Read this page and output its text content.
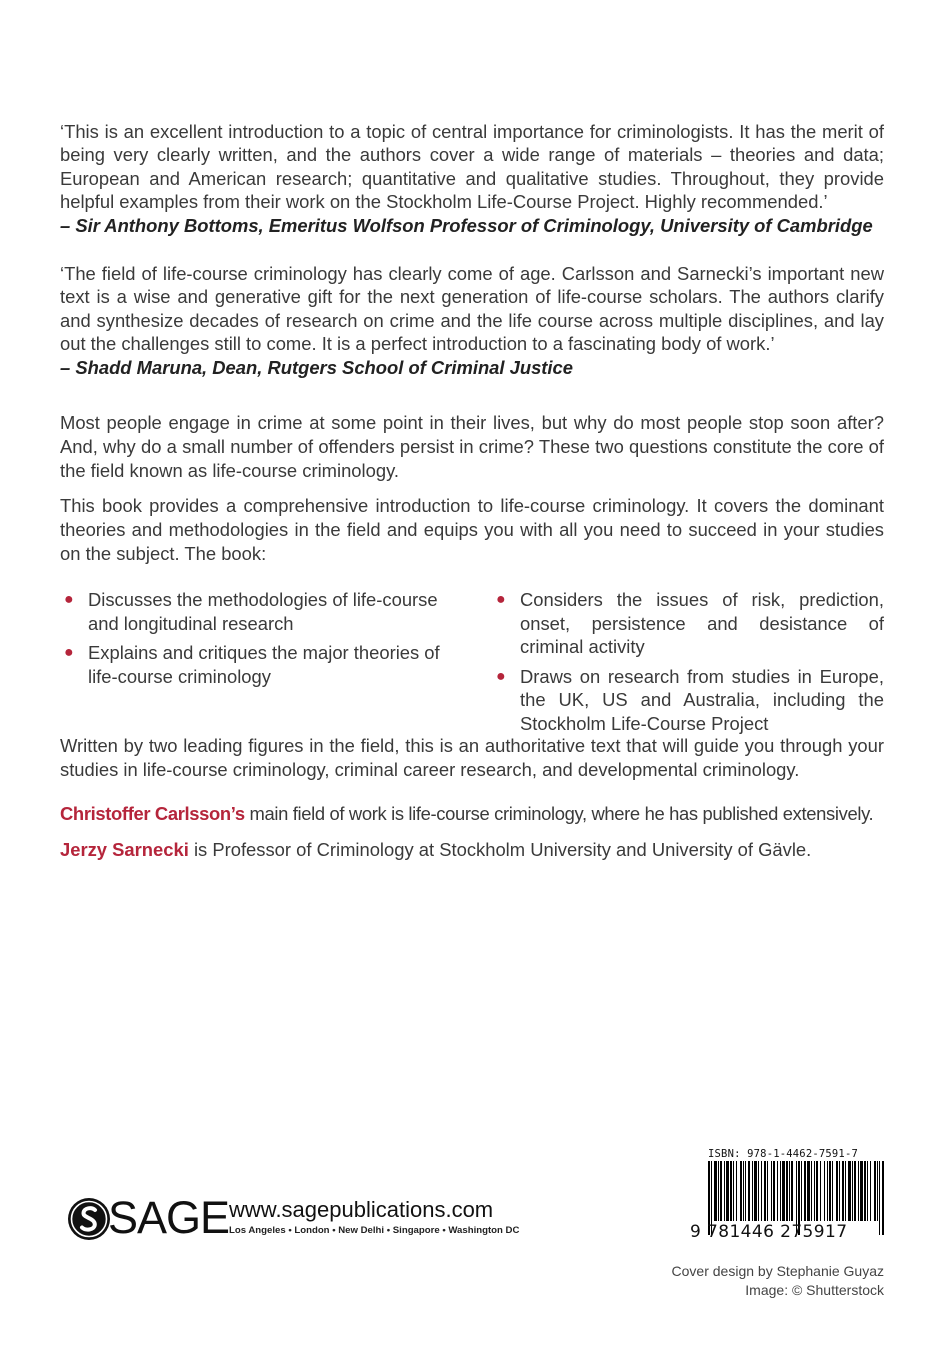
‘This is an excellent introduction to a topic of central importance for criminologists. It has the merit of being very clearly written, and the authors cover a wide range of materials – theories and data; European and American research; quantitative and qualitative studies. Throughout, they provide helpful examples from their work on the Stockholm Life-Course Project. Highly recommended.’
– Sir Anthony Bottoms, Emeritus Wolfson Professor of Criminology, University of Cambridge
‘The field of life-course criminology has clearly come of age. Carlsson and Sarnecki’s important new text is a wise and generative gift for the next generation of life-course scholars. The authors clarify and synthesize decades of research on crime and the life course across multiple disciplines, and lay out the challenges still to come. It is a perfect introduction to a fascinating body of work.’
– Shadd Maruna, Dean, Rutgers School of Criminal Justice
Most people engage in crime at some point in their lives, but why do most people stop soon after? And, why do a small number of offenders persist in crime? These two questions constitute the core of the field known as life-course criminology.
This book provides a comprehensive introduction to life-course criminology. It covers the dominant theories and methodologies in the field and equips you with all you need to succeed in your studies on the subject. The book:
● Discusses the methodologies of life-course and longitudinal research
● Explains and critiques the major theories of life-course criminology
● Considers the issues of risk, prediction, onset, persistence and desistance of criminal activity
● Draws on research from studies in Europe, the UK, US and Australia, including the Stockholm Life-Course Project
Written by two leading figures in the field, this is an authoritative text that will guide you through your studies in life-course criminology, criminal career research, and developmental criminology.
Christoffer Carlsson’s main field of work is life-course criminology, where he has published extensively.
Jerzy Sarnecki is Professor of Criminology at Stockholm University and University of Gävle.
SAGE www.sagepublications.com
Los Angeles • London • New Delhi • Singapore • Washington DC
ISBN: 978-1-4462-7591-7
9 781446 275917
Cover design by Stephanie Guyaz
Image: © Shutterstock
